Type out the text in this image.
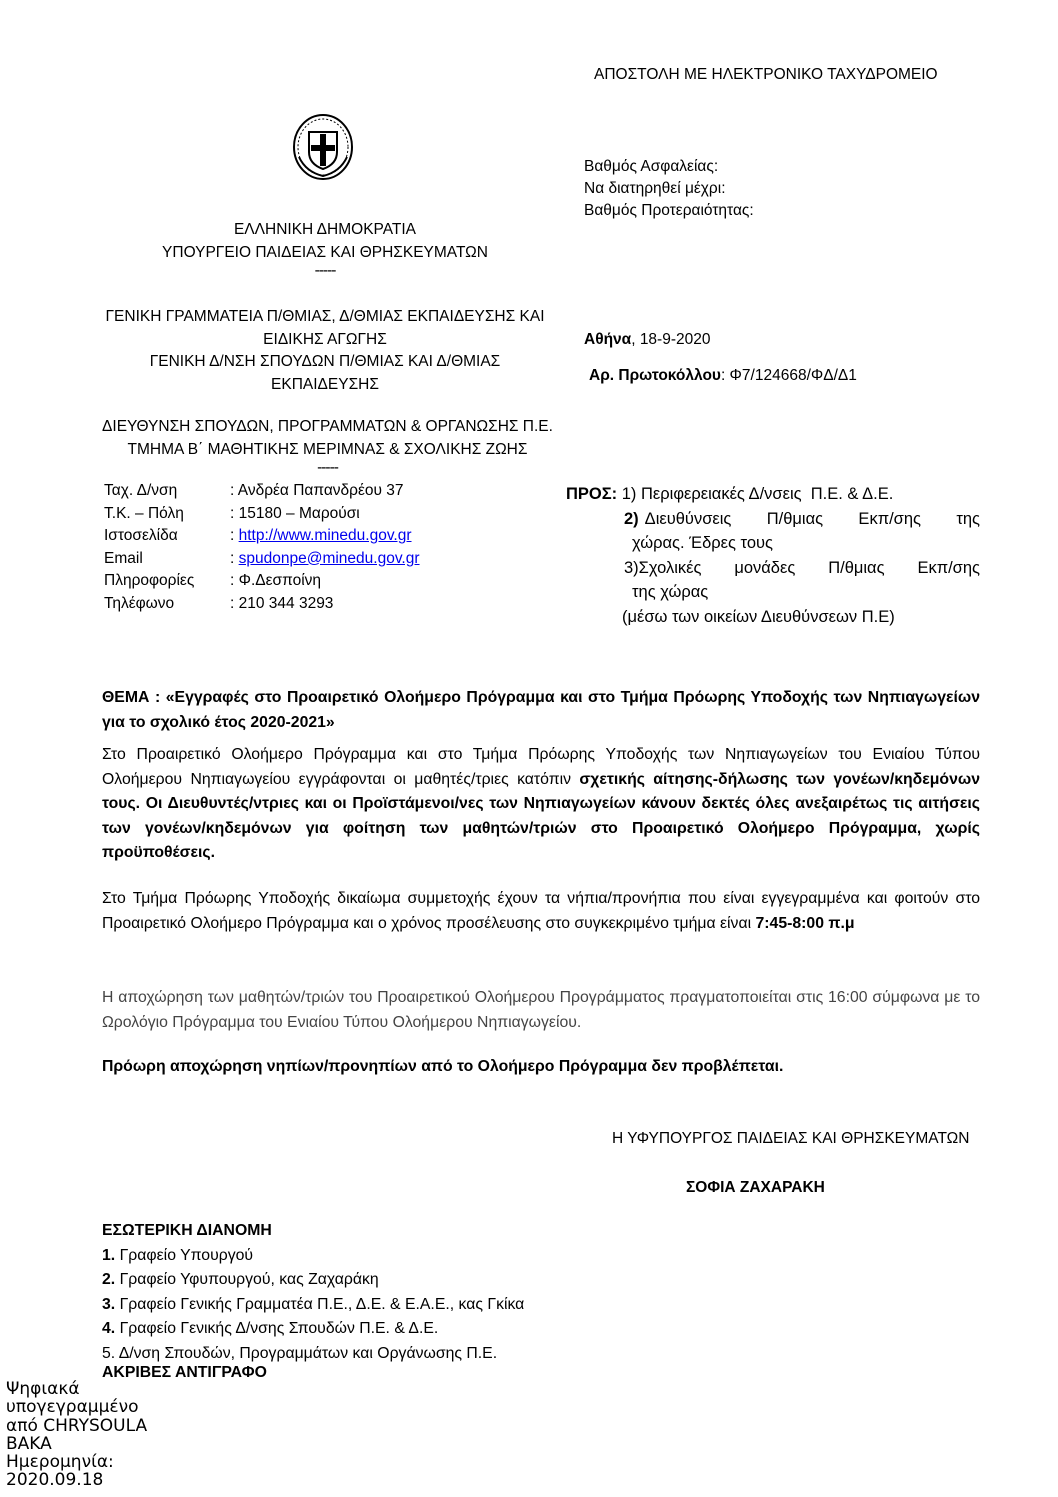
ΑΠΟΣΤΟΛΗ ΜΕ ΗΛΕΚΤΡΟΝΙΚΟ ΤΑΧΥΔΡΟΜΕΙΟ
Βαθμός Ασφαλείας:
Να διατηρηθεί μέχρι:
Βαθμός Προτεραιότητας:
ΕΛΛΗΝΙΚΗ ΔΗΜΟΚΡΑΤΙΑ
ΥΠΟΥΡΓΕΙΟ ΠΑΙΔΕΙΑΣ ΚΑΙ ΘΡΗΣΚΕΥΜΑΤΩΝ
-----
ΓΕΝΙΚΗ ΓΡΑΜΜΑΤΕΙΑ Π/ΘΜΙΑΣ, Δ/ΘΜΙΑΣ ΕΚΠΑΙΔΕΥΣΗΣ ΚΑΙ
ΕΙΔΙΚΗΣ ΑΓΩΓΗΣ
ΓΕΝΙΚΗ Δ/ΝΣΗ ΣΠΟΥΔΩΝ Π/ΘΜΙΑΣ ΚΑΙ Δ/ΘΜΙΑΣ
ΕΚΠΑΙΔΕΥΣΗΣ
ΔΙΕΥΘΥΝΣΗ ΣΠΟΥΔΩΝ, ΠΡΟΓΡΑΜΜΑΤΩΝ & ΟΡΓΑΝΩΣΗΣ Π.Ε.
ΤΜΗΜΑ Β΄ ΜΑΘΗΤΙΚΗΣ ΜΕΡΙΜΝΑΣ & ΣΧΟΛΙΚΗΣ ΖΩΗΣ
-----
Αθήνα, 18-9-2020
Αρ. Πρωτοκόλλου: Φ7/124668/ΦΔ/Δ1
Ταχ. Δ/νση	: Ανδρέα Παπανδρέου 37
Τ.Κ. – Πόλη	: 15180 – Μαρούσι
Ιστοσελίδα	: http://www.minedu.gov.gr
Email	: spudonpe@minedu.gov.gr
Πληροφορίες	: Φ.Δεσποίνη
Τηλέφωνο	: 210 344 3293
ΠΡΟΣ: 1) Περιφερειακές Δ/νσεις  Π.Ε. & Δ.Ε.
2) Διευθύνσεις Π/θμιας Εκπ/σης της
χώρας. Έδρες τους
3)Σχολικές μονάδες Π/θμιας Εκπ/σης
της χώρας
(μέσω των οικείων Διευθύνσεων Π.Ε)
ΘΕΜΑ : «Εγγραφές στο Προαιρετικό Ολοήμερο Πρόγραμμα και στο Τμήμα Πρόωρης Υποδοχής των Νηπιαγωγείων για το σχολικό έτος 2020-2021»
Στο Προαιρετικό Ολοήμερο Πρόγραμμα και στο Τμήμα Πρόωρης Υποδοχής των Νηπιαγωγείων του Ενιαίου Τύπου Ολοήμερου Νηπιαγωγείου εγγράφονται οι μαθητές/τριες κατόπιν σχετικής αίτησης-δήλωσης των γονέων/κηδεμόνων τους. Οι Διευθυντές/ντριες και οι Προϊστάμενοι/νες των Νηπιαγωγείων κάνουν δεκτές όλες ανεξαιρέτως τις αιτήσεις των γονέων/κηδεμόνων για φοίτηση των μαθητών/τριών στο Προαιρετικό Ολοήμερο Πρόγραμμα, χωρίς προϋποθέσεις.
Στο Τμήμα Πρόωρης Υποδοχής δικαίωμα συμμετοχής έχουν τα νήπια/προνήπια που είναι εγγεγραμμένα και φοιτούν στο Προαιρετικό Ολοήμερο Πρόγραμμα και ο χρόνος προσέλευσης στο συγκεκριμένο τμήμα είναι 7:45-8:00 π.μ
Η αποχώρηση των μαθητών/τριών του Προαιρετικού Ολοήμερου Προγράμματος πραγματοποιείται στις 16:00 σύμφωνα με το Ωρολόγιο Πρόγραμμα του Ενιαίου Τύπου Ολοήμερου Νηπιαγωγείου.
Πρόωρη αποχώρηση νηπίων/προνηπίων από το Ολοήμερο Πρόγραμμα δεν προβλέπεται.
Η ΥΦΥΠΟΥΡΓΟΣ ΠΑΙΔΕΙΑΣ ΚΑΙ ΘΡΗΣΚΕΥΜΑΤΩΝ
ΣΟΦΙΑ ΖΑΧΑΡΑΚΗ
ΕΣΩΤΕΡΙΚΗ ΔΙΑΝΟΜΗ
1. Γραφείο Υπουργού
2. Γραφείο Υφυπουργού, κας Ζαχαράκη
3. Γραφείο Γενικής Γραμματέα Π.Ε., Δ.Ε. & Ε.Α.Ε., κας Γκίκα
4. Γραφείο Γενικής Δ/νσης Σπουδών Π.Ε. & Δ.Ε.
5. Δ/νση Σπουδών, Προγραμμάτων και Οργάνωσης Π.Ε.
ΑΚΡΙΒΕΣ ΑΝΤΙΓΡΑΦΟ
Ψηφιακά
υπογεγραμμένο
από CHRYSOULA
BAKA
Ημερομηνία:
2020.09.18
